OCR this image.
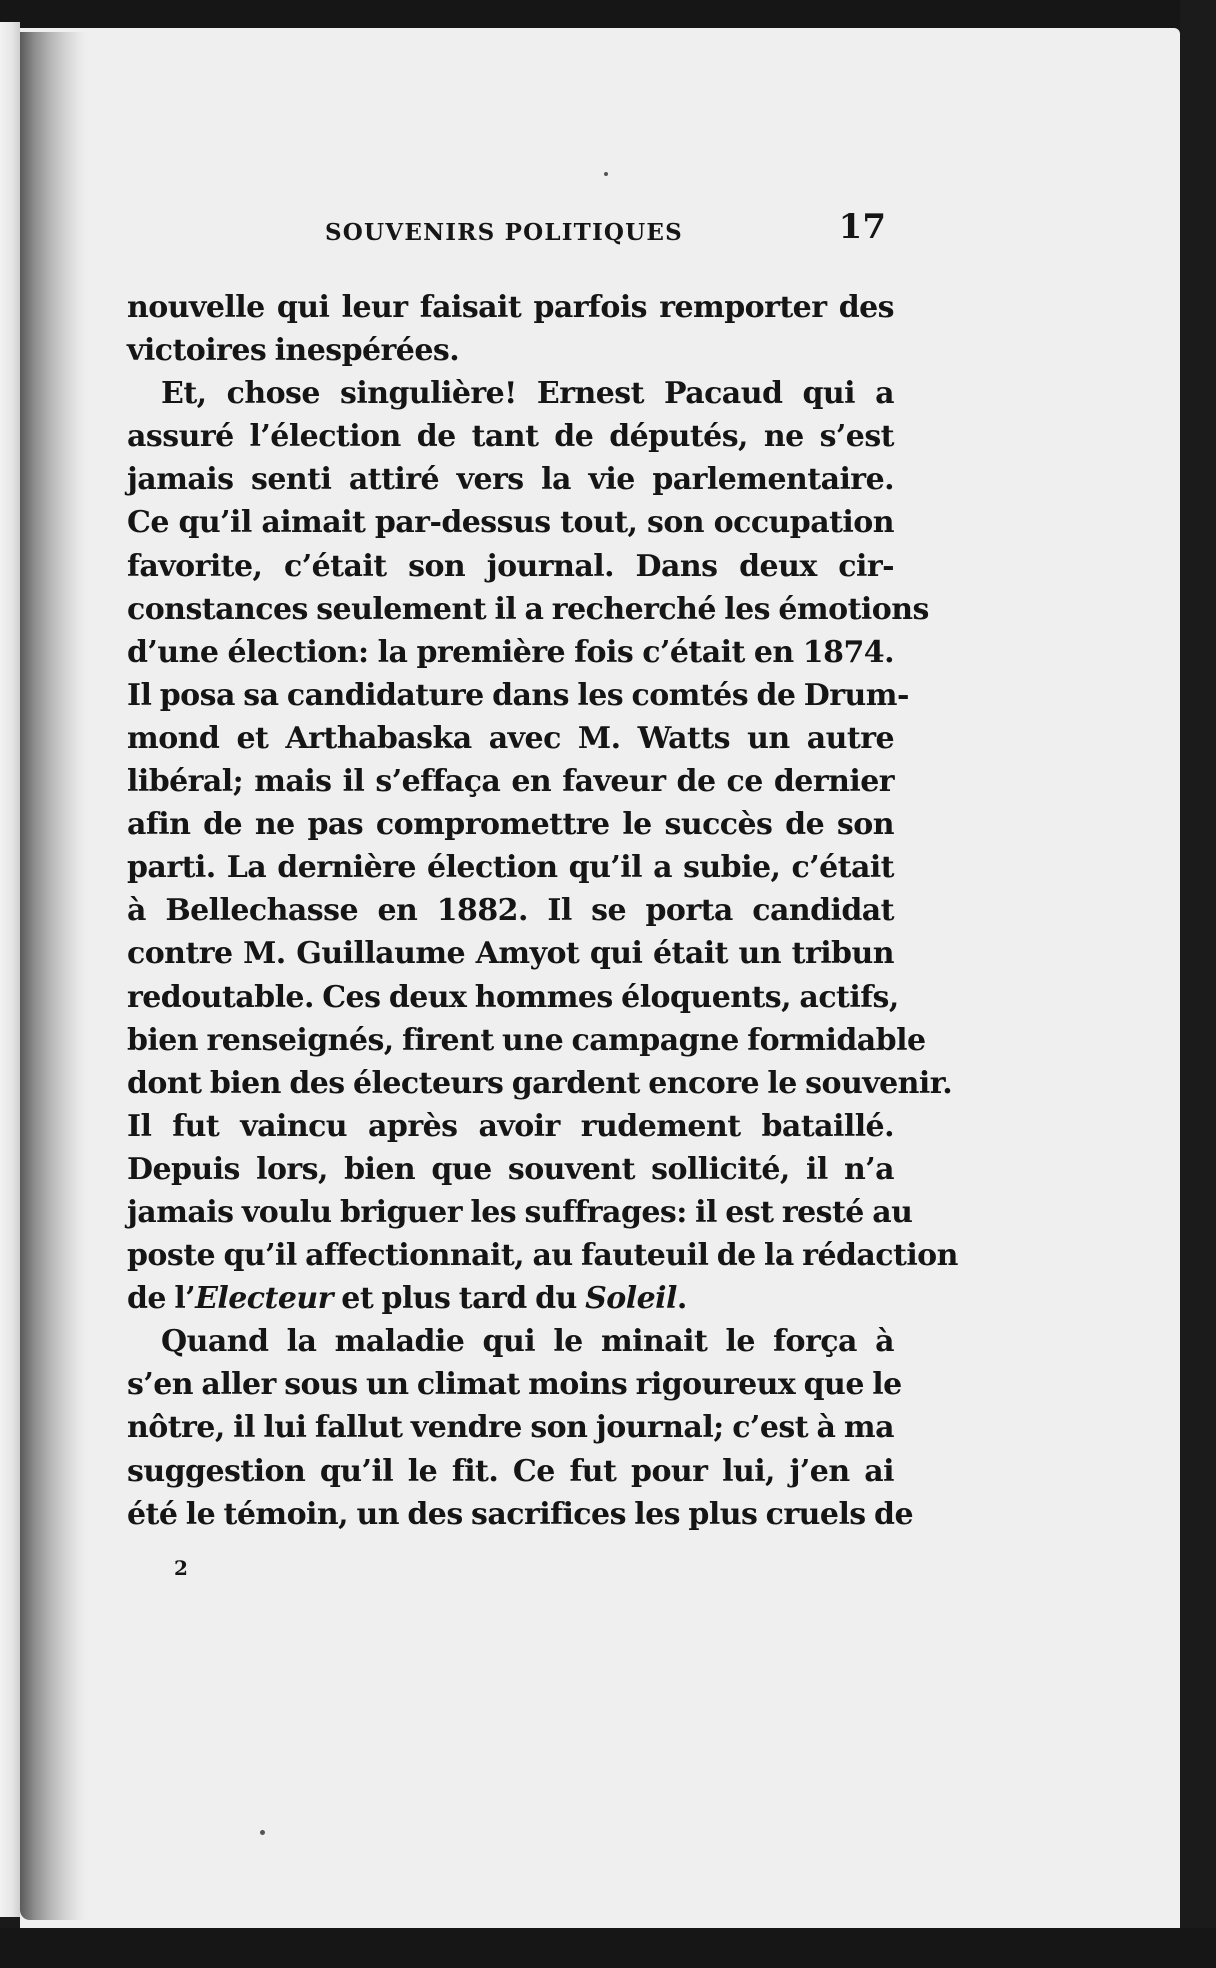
SOUVENIRS POLITIQUES	17
nouvelle qui leur faisait parfois remporter des
victoires inespérées.
Et, chose singulière! Ernest Pacaud qui a
assuré l’élection de tant de députés, ne s’est
jamais senti attiré vers la vie parlementaire.
Ce qu’il aimait par-dessus tout, son occupation
favorite, c’était son journal. Dans deux cir-
constances seulement il a recherché les émotions
d’une élection: la première fois c’était en 1874.
Il posa sa candidature dans les comtés de Drum-
mond et Arthabaska avec M. Watts un autre
libéral; mais il s’effaça en faveur de ce dernier
afin de ne pas compromettre le succès de son
parti. La dernière élection qu’il a subie, c’était
à Bellechasse en 1882. Il se porta candidat
contre M. Guillaume Amyot qui était un tribun
redoutable. Ces deux hommes éloquents, actifs,
bien renseignés, firent une campagne formidable
dont bien des électeurs gardent encore le souvenir.
Il fut vaincu après avoir rudement bataillé.
Depuis lors, bien que souvent sollicité, il n’a
jamais voulu briguer les suffrages: il est resté au
poste qu’il affectionnait, au fauteuil de la rédaction
de l’Electeur et plus tard du Soleil.
Quand la maladie qui le minait le força à
s’en aller sous un climat moins rigoureux que le
nôtre, il lui fallut vendre son journal; c’est à ma
suggestion qu’il le fit. Ce fut pour lui, j’en ai
été le témoin, un des sacrifices les plus cruels de
2
